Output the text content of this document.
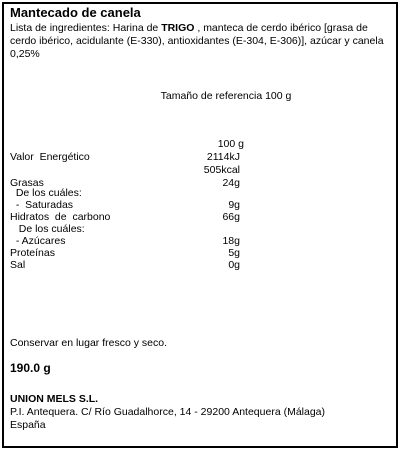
Mantecado de canela
Lista de ingredientes: Harina de TRIGO , manteca de cerdo ibérico [grasa de cerdo ibérico, acidulante (E-330), antioxidantes (E-304, E-306)], azúcar y canela 0,25%
Tamaño de referencia 100 g
100 g
Valor  Energético	2114kJ
505kcal
Grasas	24g
De los cuáles:
-  Saturadas	9g
Hidratos  de  carbono	66g
De los cuáles:
- Azúcares	18g
Proteínas	5g
Sal	0g
Conservar en lugar fresco y seco.
190.0 g
UNION MELS S.L.
P.I. Antequera. C/ Río Guadalhorce, 14 - 29200 Antequera (Málaga)
España
